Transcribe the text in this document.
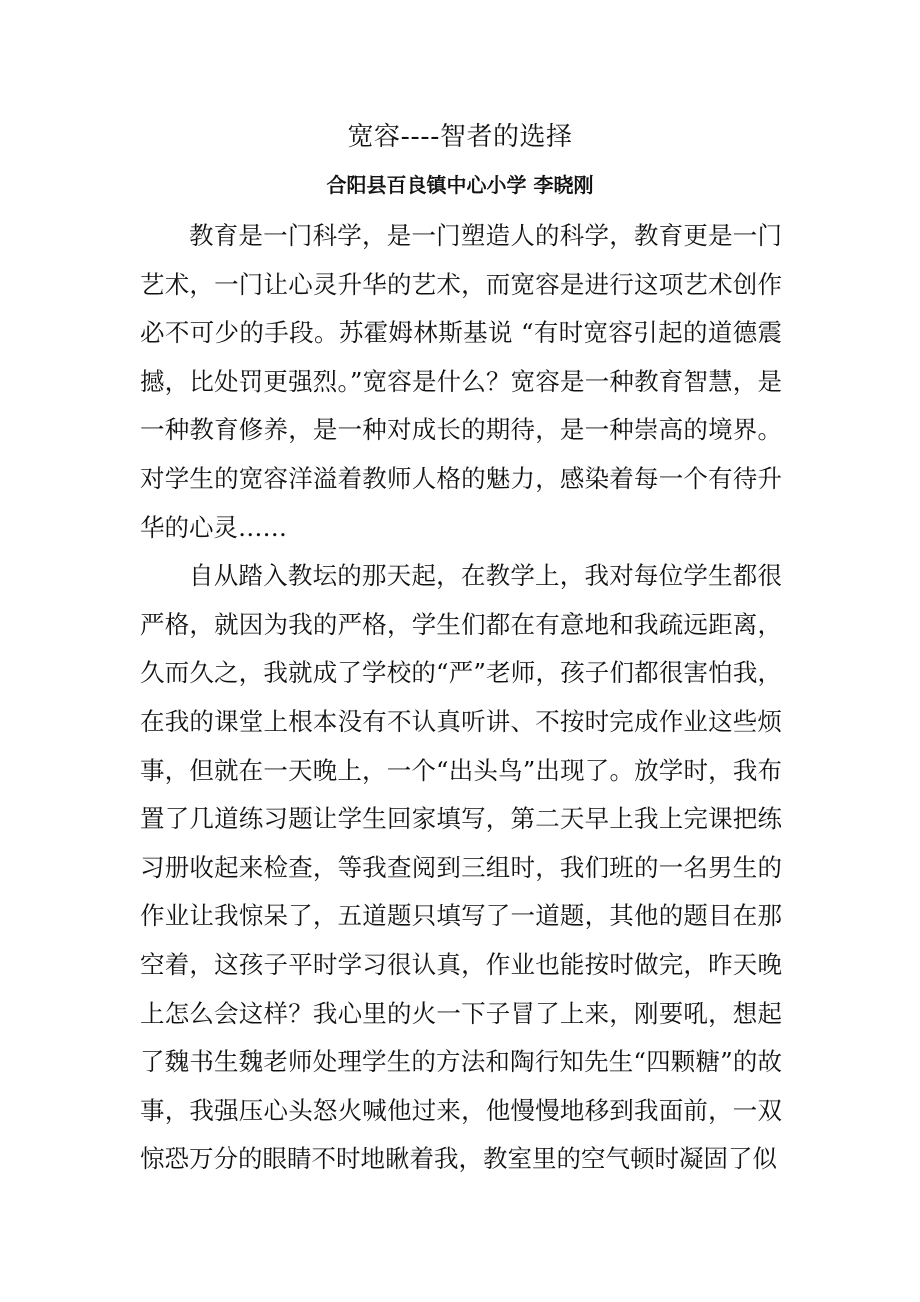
宽容----智者的选择
合阳县百良镇中心小学 李晓刚

教育是一门科学，是一门塑造人的科学，教育更是一门艺术，一门让心灵升华的艺术，而宽容是进行这项艺术创作必不可少的手段。苏霍姆林斯基说 “有时宽容引起的道德震撼，比处罚更强烈。”宽容是什么？宽容是一种教育智慧，是一种教育修养，是一种对成长的期待，是一种崇高的境界。对学生的宽容洋溢着教师人格的魅力，感染着每一个有待升华的心灵……

自从踏入教坛的那天起，在教学上，我对每位学生都很严格，就因为我的严格，学生们都在有意地和我疏远距离，久而久之，我就成了学校的“严”老师，孩子们都很害怕我，在我的课堂上根本没有不认真听讲、不按时完成作业这些烦事，但就在一天晚上，一个“出头鸟”出现了。放学时，我布置了几道练习题让学生回家填写，第二天早上我上完课把练习册收起来检查，等我查阅到三组时，我们班的一名男生的作业让我惊呆了，五道题只填写了一道题，其他的题目在那空着，这孩子平时学习很认真，作业也能按时做完，昨天晚上怎么会这样？我心里的火一下子冒了上来，刚要吼，想起了魏书生魏老师处理学生的方法和陶行知先生“四颗糖”的故事，我强压心头怒火喊他过来，他慢慢地移到我面前，一双惊恐万分的眼睛不时地瞅着我，教室里的空气顿时凝固了似
